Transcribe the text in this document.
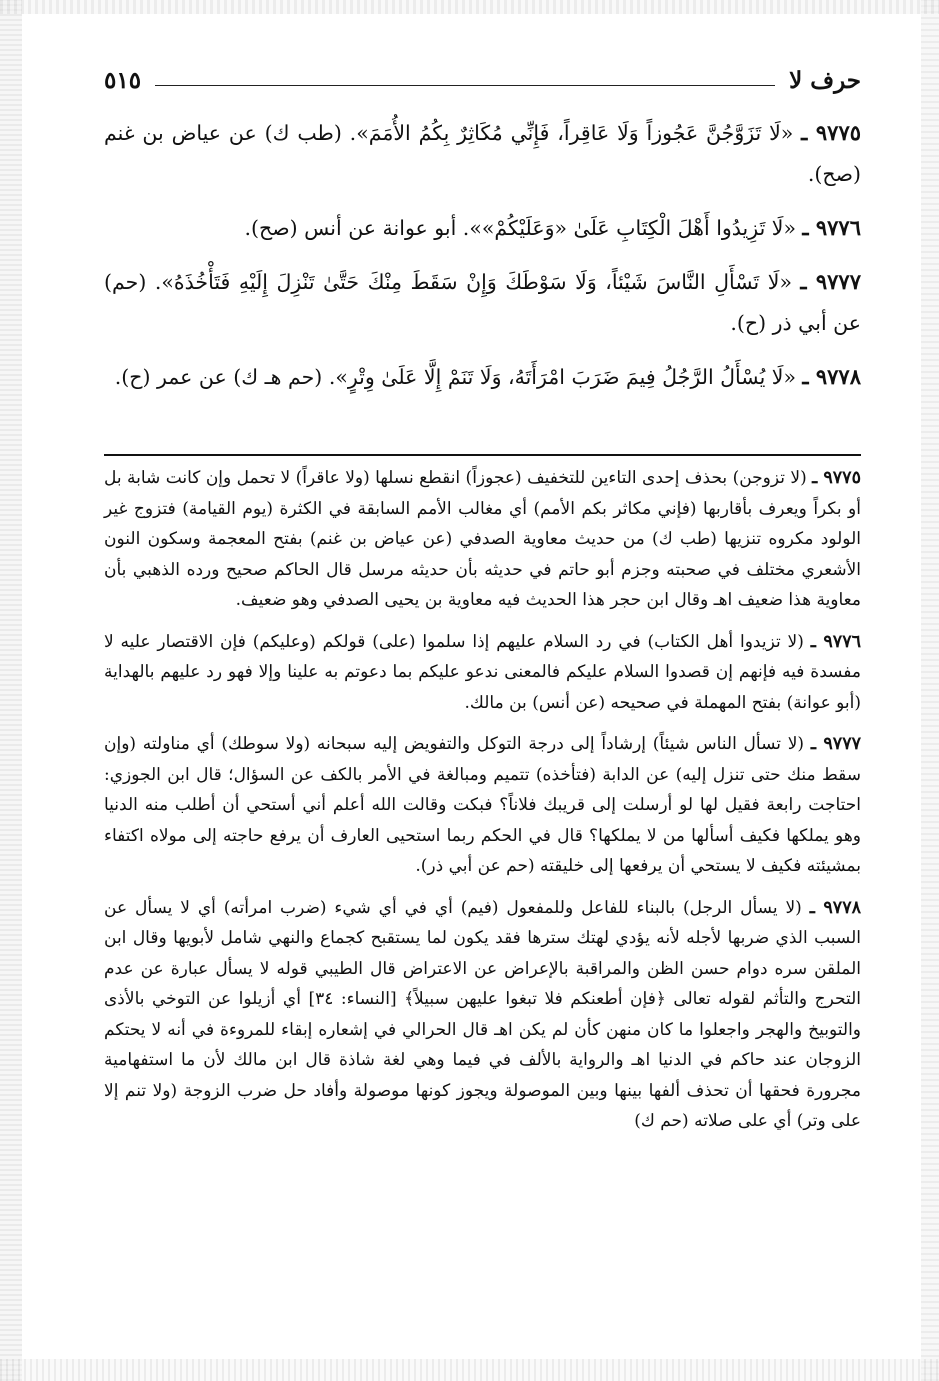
حرف لا
٥١٥

٩٧٧٥ ـ «لَا تَزَوَّجُنَّ عَجُوزاً وَلَا عَاقِراً، فَإِنِّي مُكَاثِرٌ بِكُمُ الأُمَمَ». (طب ك) عن عياض بن غنم (صح).

٩٧٧٦ ـ «لَا تَزِيدُوا أَهْلَ الْكِتَابِ عَلَىٰ «وَعَلَيْكُمْ»». أبو عوانة عن أنس (صح).

٩٧٧٧ ـ «لَا تَسْأَلِ النَّاسَ شَيْئاً، وَلَا سَوْطَكَ وَإِنْ سَقَطَ مِنْكَ حَتَّىٰ تَنْزِلَ إِلَيْهِ فَتَأْخُذَهُ». (حم) عن أبي ذر (ح).

٩٧٧٨ ـ «لَا يُسْأَلُ الرَّجُلُ فِيمَ ضَرَبَ امْرَأَتَهُ، وَلَا تَنَمْ إِلَّا عَلَىٰ وِتْرٍ». (حم هـ ك) عن عمر (ح).

٩٧٧٥ ـ (لا تزوجن) بحذف إحدى التاءين للتخفيف (عجوزاً) انقطع نسلها (ولا عاقراً) لا تحمل وإن كانت شابة بل أو بكراً ويعرف بأقاربها (فإني مكاثر بكم الأمم) أي مغالب الأمم السابقة في الكثرة (يوم القيامة) فتزوج غير الولود مكروه تنزيها (طب ك) من حديث معاوية الصدفي (عن عياض بن غنم) بفتح المعجمة وسكون النون الأشعري مختلف في صحبته وجزم أبو حاتم في حديثه بأن حديثه مرسل قال الحاكم صحيح ورده الذهبي بأن معاوية هذا ضعيف اهـ وقال ابن حجر هذا الحديث فيه معاوية بن يحيى الصدفي وهو ضعيف.

٩٧٧٦ ـ (لا تزيدوا أهل الكتاب) في رد السلام عليهم إذا سلموا (على) قولكم (وعليكم) فإن الاقتصار عليه لا مفسدة فيه فإنهم إن قصدوا السلام عليكم فالمعنى ندعو عليكم بما دعوتم به علينا وإلا فهو رد عليهم بالهداية (أبو عوانة) بفتح المهملة في صحيحه (عن أنس) بن مالك.

٩٧٧٧ ـ (لا تسأل الناس شيئاً) إرشاداً إلى درجة التوكل والتفويض إليه سبحانه (ولا سوطك) أي مناولته (وإن سقط منك حتى تنزل إليه) عن الدابة (فتأخذه) تتميم ومبالغة في الأمر بالكف عن السؤال؛ قال ابن الجوزي: احتاجت رابعة فقيل لها لو أرسلت إلى قريبك فلاناً؟ فبكت وقالت الله أعلم أني أستحي أن أطلب منه الدنيا وهو يملكها فكيف أسألها من لا يملكها؟ قال في الحكم ربما استحيى العارف أن يرفع حاجته إلى مولاه اكتفاء بمشيئته فكيف لا يستحي أن يرفعها إلى خليقته (حم عن أبي ذر).

٩٧٧٨ ـ (لا يسأل الرجل) بالبناء للفاعل وللمفعول (فيم) أي في أي شيء (ضرب امرأته) أي لا يسأل عن السبب الذي ضربها لأجله لأنه يؤدي لهتك سترها فقد يكون لما يستقبح كجماع والنهي شامل لأبويها وقال ابن الملقن سره دوام حسن الظن والمراقبة بالإعراض عن الاعتراض قال الطيبي قوله لا يسأل عبارة عن عدم التحرج والتأثم لقوله تعالى ﴿فإن أطعنكم فلا تبغوا عليهن سبيلاً﴾ [النساء: ٣٤] أي أزيلوا عن التوخي بالأذى والتوبيخ والهجر واجعلوا ما كان منهن كأن لم يكن اهـ قال الحرالي في إشعاره إبقاء للمروءة في أنه لا يحتكم الزوجان عند حاكم في الدنيا اهـ والرواية بالألف في فيما وهي لغة شاذة قال ابن مالك لأن ما استفهامية مجرورة فحقها أن تحذف ألفها بينها وبين الموصولة ويجوز كونها موصولة وأفاد حل ضرب الزوجة (ولا تنم إلا على وتر) أي على صلاته (حم ك)
